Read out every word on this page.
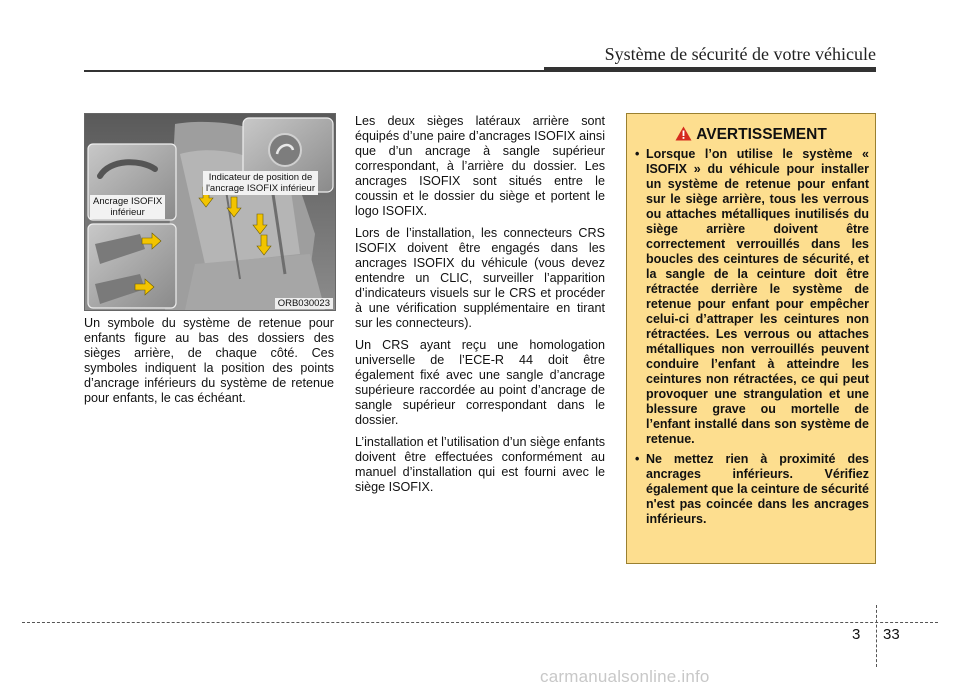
Système de sécurité de votre véhicule
Ancrage ISOFIX
inférieur
Indicateur de position de
l'ancrage ISOFIX inférieur
ORB030023

Un symbole du système de retenue pour enfants figure au bas des dossiers des sièges arrière, de chaque côté. Ces symboles indiquent la position des points d’ancrage inférieurs du système de retenue pour enfants, le cas échéant.

Les deux sièges latéraux arrière sont équipés d’une paire d’ancrages ISOFIX ainsi que d’un ancrage à sangle supérieur correspondant, à l’arrière du dossier. Les ancrages ISOFIX sont situés entre le coussin et le dossier du siège et portent le logo ISOFIX.

Lors de l’installation, les connecteurs CRS ISOFIX doivent être engagés dans les ancrages ISOFIX du véhicule (vous devez entendre un CLIC, surveiller l’apparition d’indicateurs visuels sur le CRS et procéder à une vérification supplémentaire en tirant sur les connecteurs).

Un CRS ayant reçu une homologation universelle de l’ECE-R 44 doit être également fixé avec une sangle d’ancrage supérieure raccordée au point d’ancrage de sangle supérieur correspondant dans le dossier.

L’installation et l’utilisation d’un siège enfants doivent être effectuées conformément au manuel d’installation qui est fourni avec le siège ISOFIX.

AVERTISSEMENT
• Lorsque l’on utilise le système « ISOFIX » du véhicule pour installer un système de retenue pour enfant sur le siège arrière, tous les verrous ou attaches métalliques inutilisés du siège arrière doivent être correctement verrouillés dans les boucles des ceintures de sécurité, et la sangle de la ceinture doit être rétractée derrière le système de retenue pour enfant pour empêcher celui-ci d’attraper les ceintures non rétractées. Les verrous ou attaches métalliques non verrouillés peuvent conduire l’enfant à atteindre les ceintures non rétractées, ce qui peut provoquer une strangulation et une blessure grave ou mortelle de l’enfant installé dans son système de retenue.
• Ne mettez rien à proximité des ancrages inférieurs. Vérifiez également que la ceinture de sécurité n'est pas coincée dans les ancrages inférieurs.
3 33
carmanualsonline.info
